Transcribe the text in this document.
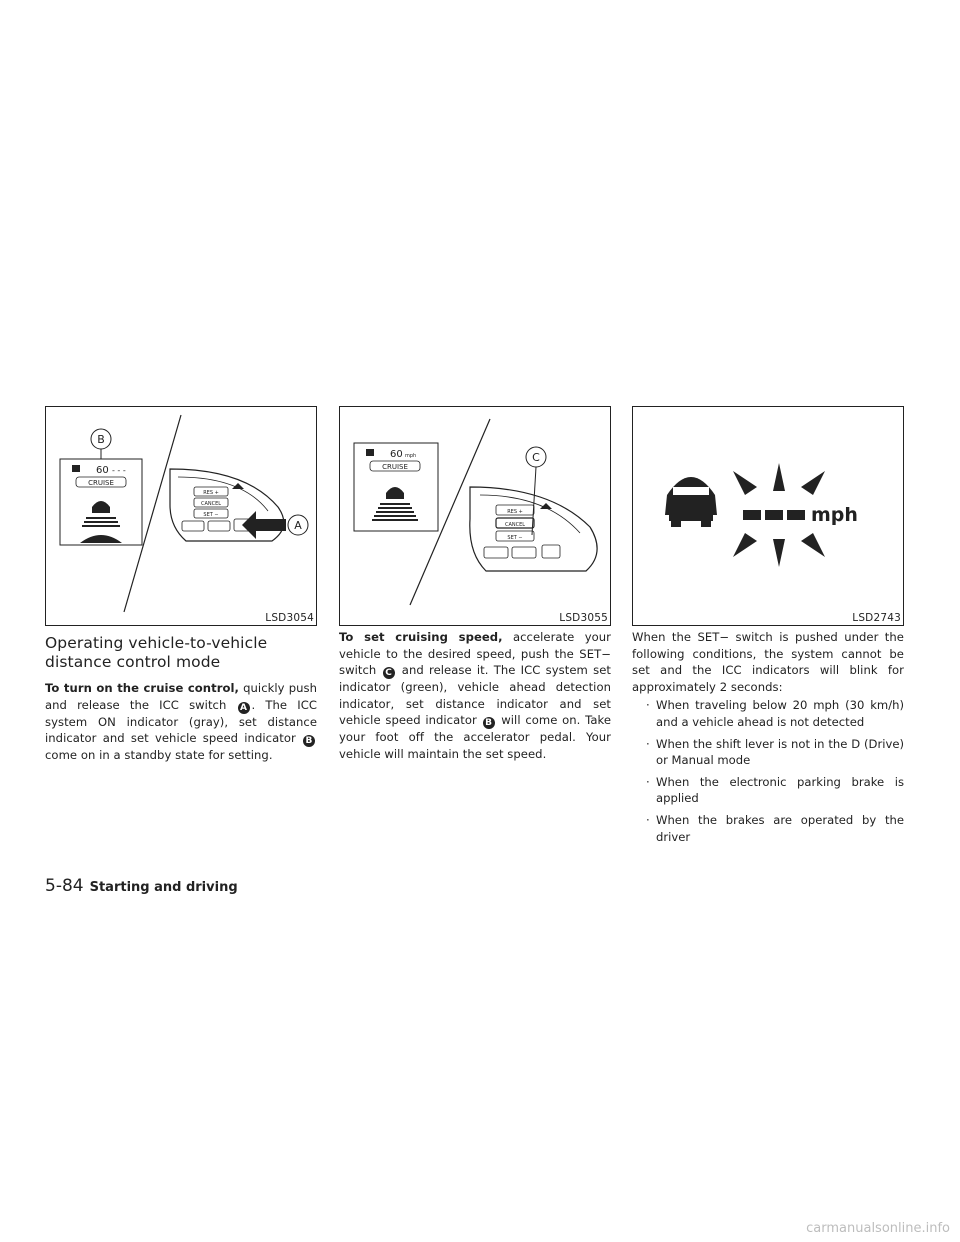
60 - - -
CRUISE
B
RES +
CANCEL
SET −
A
LSD3054
Operating vehicle-to-vehicle distance control mode

To turn on the cruise control, quickly push and release the ICC switch A . The ICC system ON indicator (gray), set distance indicator and set vehicle speed indicator B come on in a standby state for setting.

60 mph
CRUISE
RES +
CANCEL
SET −
C
LSD3055

To set cruising speed, accelerate your vehicle to the desired speed, push the SET− switch C and release it. The ICC system set indicator (green), vehicle ahead detection indicator, set distance indicator and set vehicle speed indicator B will come on. Take your foot off the accelerator pedal. Your vehicle will maintain the set speed.

mph
LSD2743

When the SET− switch is pushed under the following conditions, the system cannot be set and the ICC indicators will blink for approximately 2 seconds:

· When traveling below 20 mph (30 km/h) and a vehicle ahead is not detected
· When the shift lever is not in the D (Drive) or Manual mode
· When the electronic parking brake is applied
· When the brakes are operated by the driver
5-84 Starting and driving
carmanualsonline.info
